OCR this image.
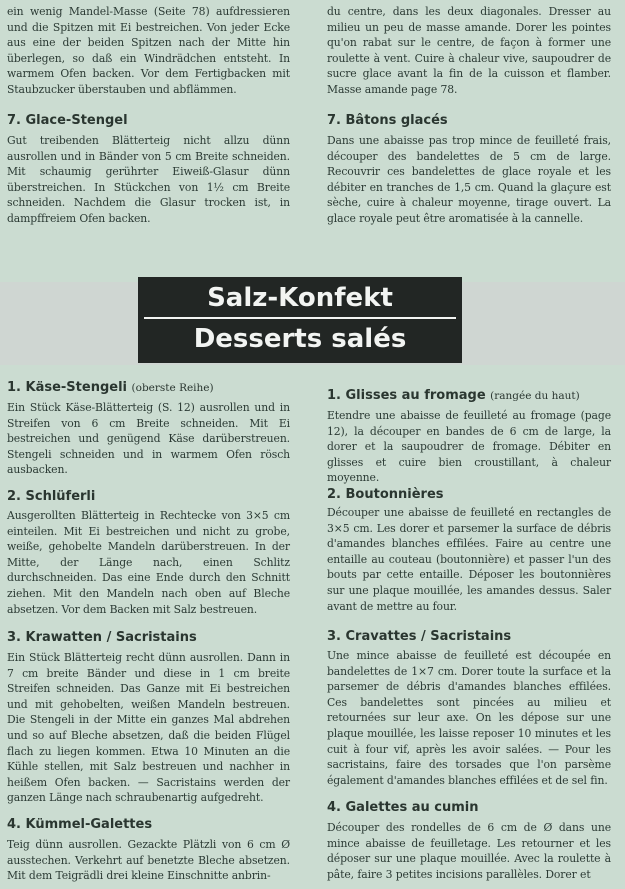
ein wenig Mandel-Masse (Seite 78) aufdressieren und die Spitzen mit Ei bestreichen. Von jeder Ecke aus eine der beiden Spitzen nach der Mitte hin überlegen, so daß ein Windrädchen entsteht. In warmem Ofen backen. Vor dem Fertigbacken mit Staubzucker überstauben und abflämmen.

7. Glace-Stengel

Gut treibenden Blätterteig nicht allzu dünn ausrollen und in Bänder von 5 cm Breite schneiden. Mit schaumig gerührter Eiweiß-Glasur dünn überstreichen. In Stückchen von 1½ cm Breite schneiden. Nachdem die Glasur trocken ist, in dampffreiem Ofen backen.

du centre, dans les deux diagonales. Dresser au milieu un peu de masse amande. Dorer les pointes qu'on rabat sur le centre, de façon à former une roulette à vent. Cuire à chaleur vive, saupoudrer de sucre glace avant la fin de la cuisson et flamber. Masse amande page 78.

7. Bâtons glacés

Dans une abaisse pas trop mince de feuilleté frais, découper des bandelettes de 5 cm de large. Recouvrir ces bandelettes de glace royale et les débiter en tranches de 1,5 cm. Quand la glaçure est sèche, cuire à chaleur moyenne, tirage ouvert. La glace royale peut être aromatisée à la cannelle.

Salz-Konfekt
Desserts salés
1. Käse-Stengeli (oberste Reihe)

Ein Stück Käse-Blätterteig (S. 12) ausrollen und in Streifen von 6 cm Breite schneiden. Mit Ei bestreichen und genügend Käse darüberstreuen. Stengeli schneiden und in warmem Ofen rösch ausbacken.

2. Schlüferli

Ausgerollten Blätterteig in Rechtecke von 3×5 cm einteilen. Mit Ei bestreichen und nicht zu grobe, weiße, gehobelte Mandeln darüberstreuen. In der Mitte, der Länge nach, einen Schlitz durchschneiden. Das eine Ende durch den Schnitt ziehen. Mit den Mandeln nach oben auf Bleche absetzen. Vor dem Backen mit Salz bestreuen.

3. Krawatten / Sacristains

Ein Stück Blätterteig recht dünn ausrollen. Dann in 7 cm breite Bänder und diese in 1 cm breite Streifen schneiden. Das Ganze mit Ei bestreichen und mit gehobelten, weißen Mandeln bestreuen. Die Stengeli in der Mitte ein ganzes Mal abdrehen und so auf Bleche absetzen, daß die beiden Flügel flach zu liegen kommen. Etwa 10 Minuten an die Kühle stellen, mit Salz bestreuen und nachher in heißem Ofen backen. — Sacristains werden der ganzen Länge nach schraubenartig aufgedreht.

4. Kümmel-Galettes

Teig dünn ausrollen. Gezackte Plätzli von 6 cm Ø ausstechen. Verkehrt auf benetzte Bleche absetzen. Mit dem Teigrädli drei kleine Einschnitte anbrin-

1. Glisses au fromage (rangée du haut)

Etendre une abaisse de feuilleté au fromage (page 12), la découper en bandes de 6 cm de large, la dorer et la saupoudrer de fromage. Débiter en glisses et cuire bien croustillant, à chaleur moyenne.

2. Boutonnières

Découper une abaisse de feuilleté en rectangles de 3×5 cm. Les dorer et parsemer la surface de débris d'amandes blanches effilées. Faire au centre une entaille au couteau (boutonnière) et passer l'un des bouts par cette entaille. Déposer les boutonnières sur une plaque mouillée, les amandes dessus. Saler avant de mettre au four.

3. Cravattes / Sacristains

Une mince abaisse de feuilleté est découpée en bandelettes de 1×7 cm. Dorer toute la surface et la parsemer de débris d'amandes blanches effilées. Ces bandelettes sont pincées au milieu et retournées sur leur axe. On les dépose sur une plaque mouillée, les laisse reposer 10 minutes et les cuit à four vif, après les avoir salées. — Pour les sacristains, faire des torsades que l'on parsème également d'amandes blanches effilées et de sel fin.

4. Galettes au cumin

Découper des rondelles de 6 cm de Ø dans une mince abaisse de feuilletage. Les retourner et les déposer sur une plaque mouillée. Avec la roulette à pâte, faire 3 petites incisions parallèles. Dorer et
